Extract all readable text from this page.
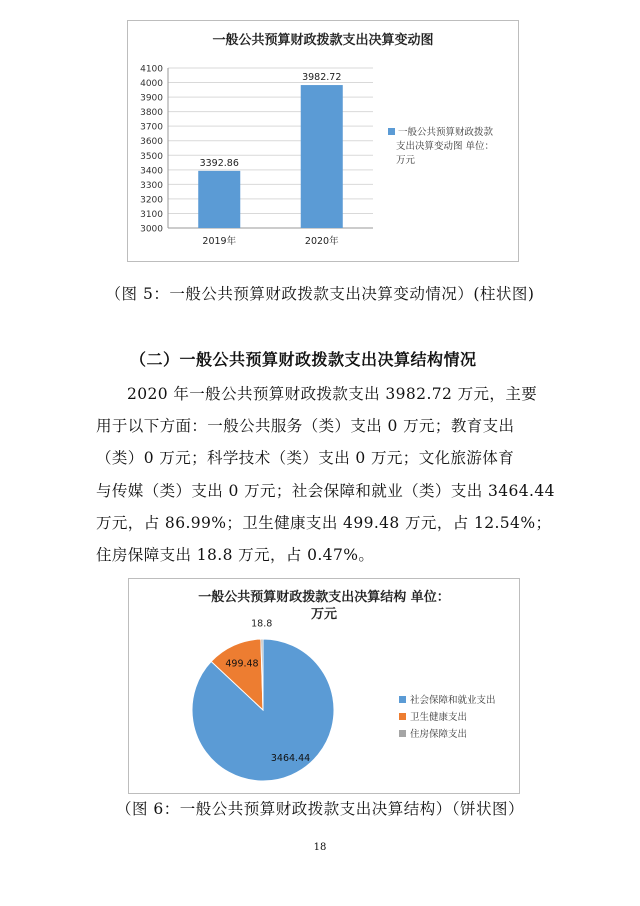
一般公共预算财政拨款支出决算变动图
3000
3100
3200
3300
3400
3500
3600
3700
3800
3900
4000
4100
3392.86
2019年
3982.72
2020年
一般公共预算财政拨款
支出决算变动图 单位：
万元
（图 5：一般公共预算财政拨款支出决算变动情况）(柱状图)
（二）一般公共预算财政拨款支出决算结构情况

2020 年一般公共预算财政拨款支出 3982.72 万元，主要

用于以下方面：一般公共服务（类）支出 0 万元；教育支出
（类）0 万元；科学技术（类）支出 0 万元；文化旅游体育
与传媒（类）支出 0 万元；社会保障和就业（类）支出 3464.44
万元，占 86.99%；卫生健康支出 499.48 万元，占 12.54%；
住房保障支出 18.8 万元，占 0.47%。
一般公共预算财政拨款支出决算结构 单位：
万元
3464.44
499.48
18.8
社会保障和就业支出
卫生健康支出
住房保障支出
（图 6：一般公共预算财政拨款支出决算结构）（饼状图）
18
